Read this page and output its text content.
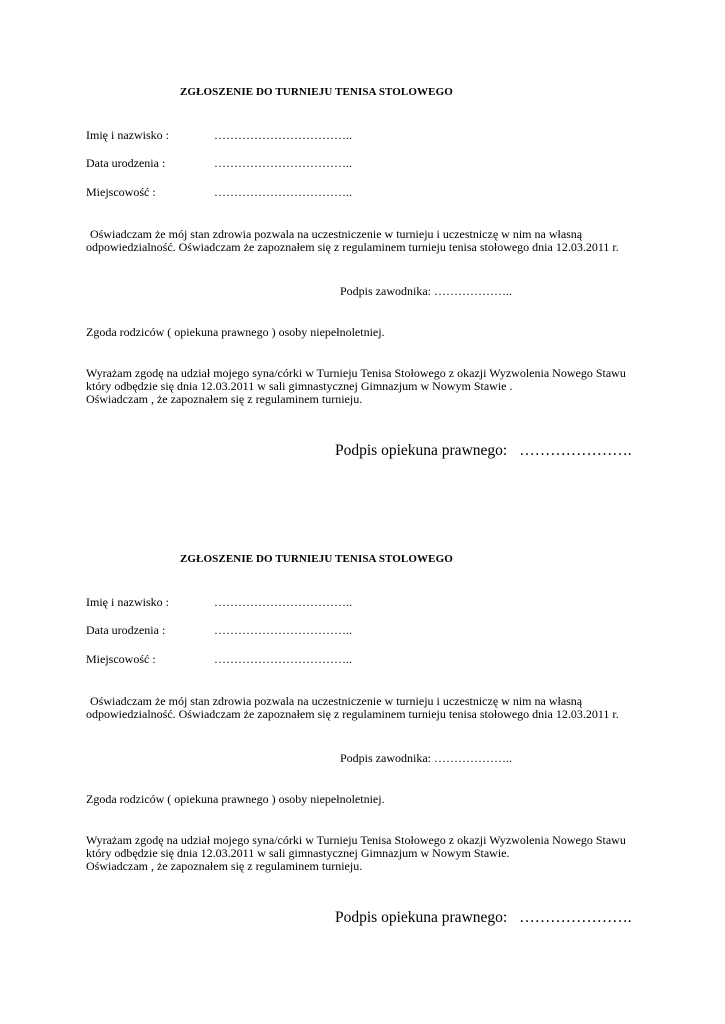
ZGŁOSZENIE DO TURNIEJU TENISA STOLOWEGO
Imię i nazwisko :	……………………………..
Data urodzenia :	……………………………..
Miejscowość :	……………………………..
Oświadczam że mój stan zdrowia pozwala na uczestniczenie w turnieju i uczestniczę w nim na własną
odpowiedzialność. Oświadczam że zapoznałem się z regulaminem turnieju tenisa stołowego dnia 12.03.2011 r.
Podpis zawodnika: ………………..
Zgoda rodziców ( opiekuna prawnego ) osoby niepełnoletniej.
Wyrażam zgodę na udział mojego syna/córki w Turnieju Tenisa Stołowego z okazji Wyzwolenia Nowego Stawu
który odbędzie się dnia 12.03.2011 w sali gimnastycznej Gimnazjum w Nowym Stawie .
Oświadczam , że zapoznałem się z regulaminem turnieju.
Podpis opiekuna prawnego: ………………….
ZGŁOSZENIE DO TURNIEJU TENISA STOLOWEGO
Imię i nazwisko :	……………………………..
Data urodzenia :	……………………………..
Miejscowość :	……………………………..
Oświadczam że mój stan zdrowia pozwala na uczestniczenie w turnieju i uczestniczę w nim na własną
odpowiedzialność. Oświadczam że zapoznałem się z regulaminem turnieju tenisa stołowego dnia 12.03.2011 r.
Podpis zawodnika: ………………..
Zgoda rodziców ( opiekuna prawnego ) osoby niepełnoletniej.
Wyrażam zgodę na udział mojego syna/córki w Turnieju Tenisa Stołowego z okazji Wyzwolenia Nowego Stawu
który odbędzie się dnia 12.03.2011 w sali gimnastycznej Gimnazjum w Nowym Stawie.
Oświadczam , że zapoznałem się z regulaminem turnieju.
Podpis opiekuna prawnego: ………………….
